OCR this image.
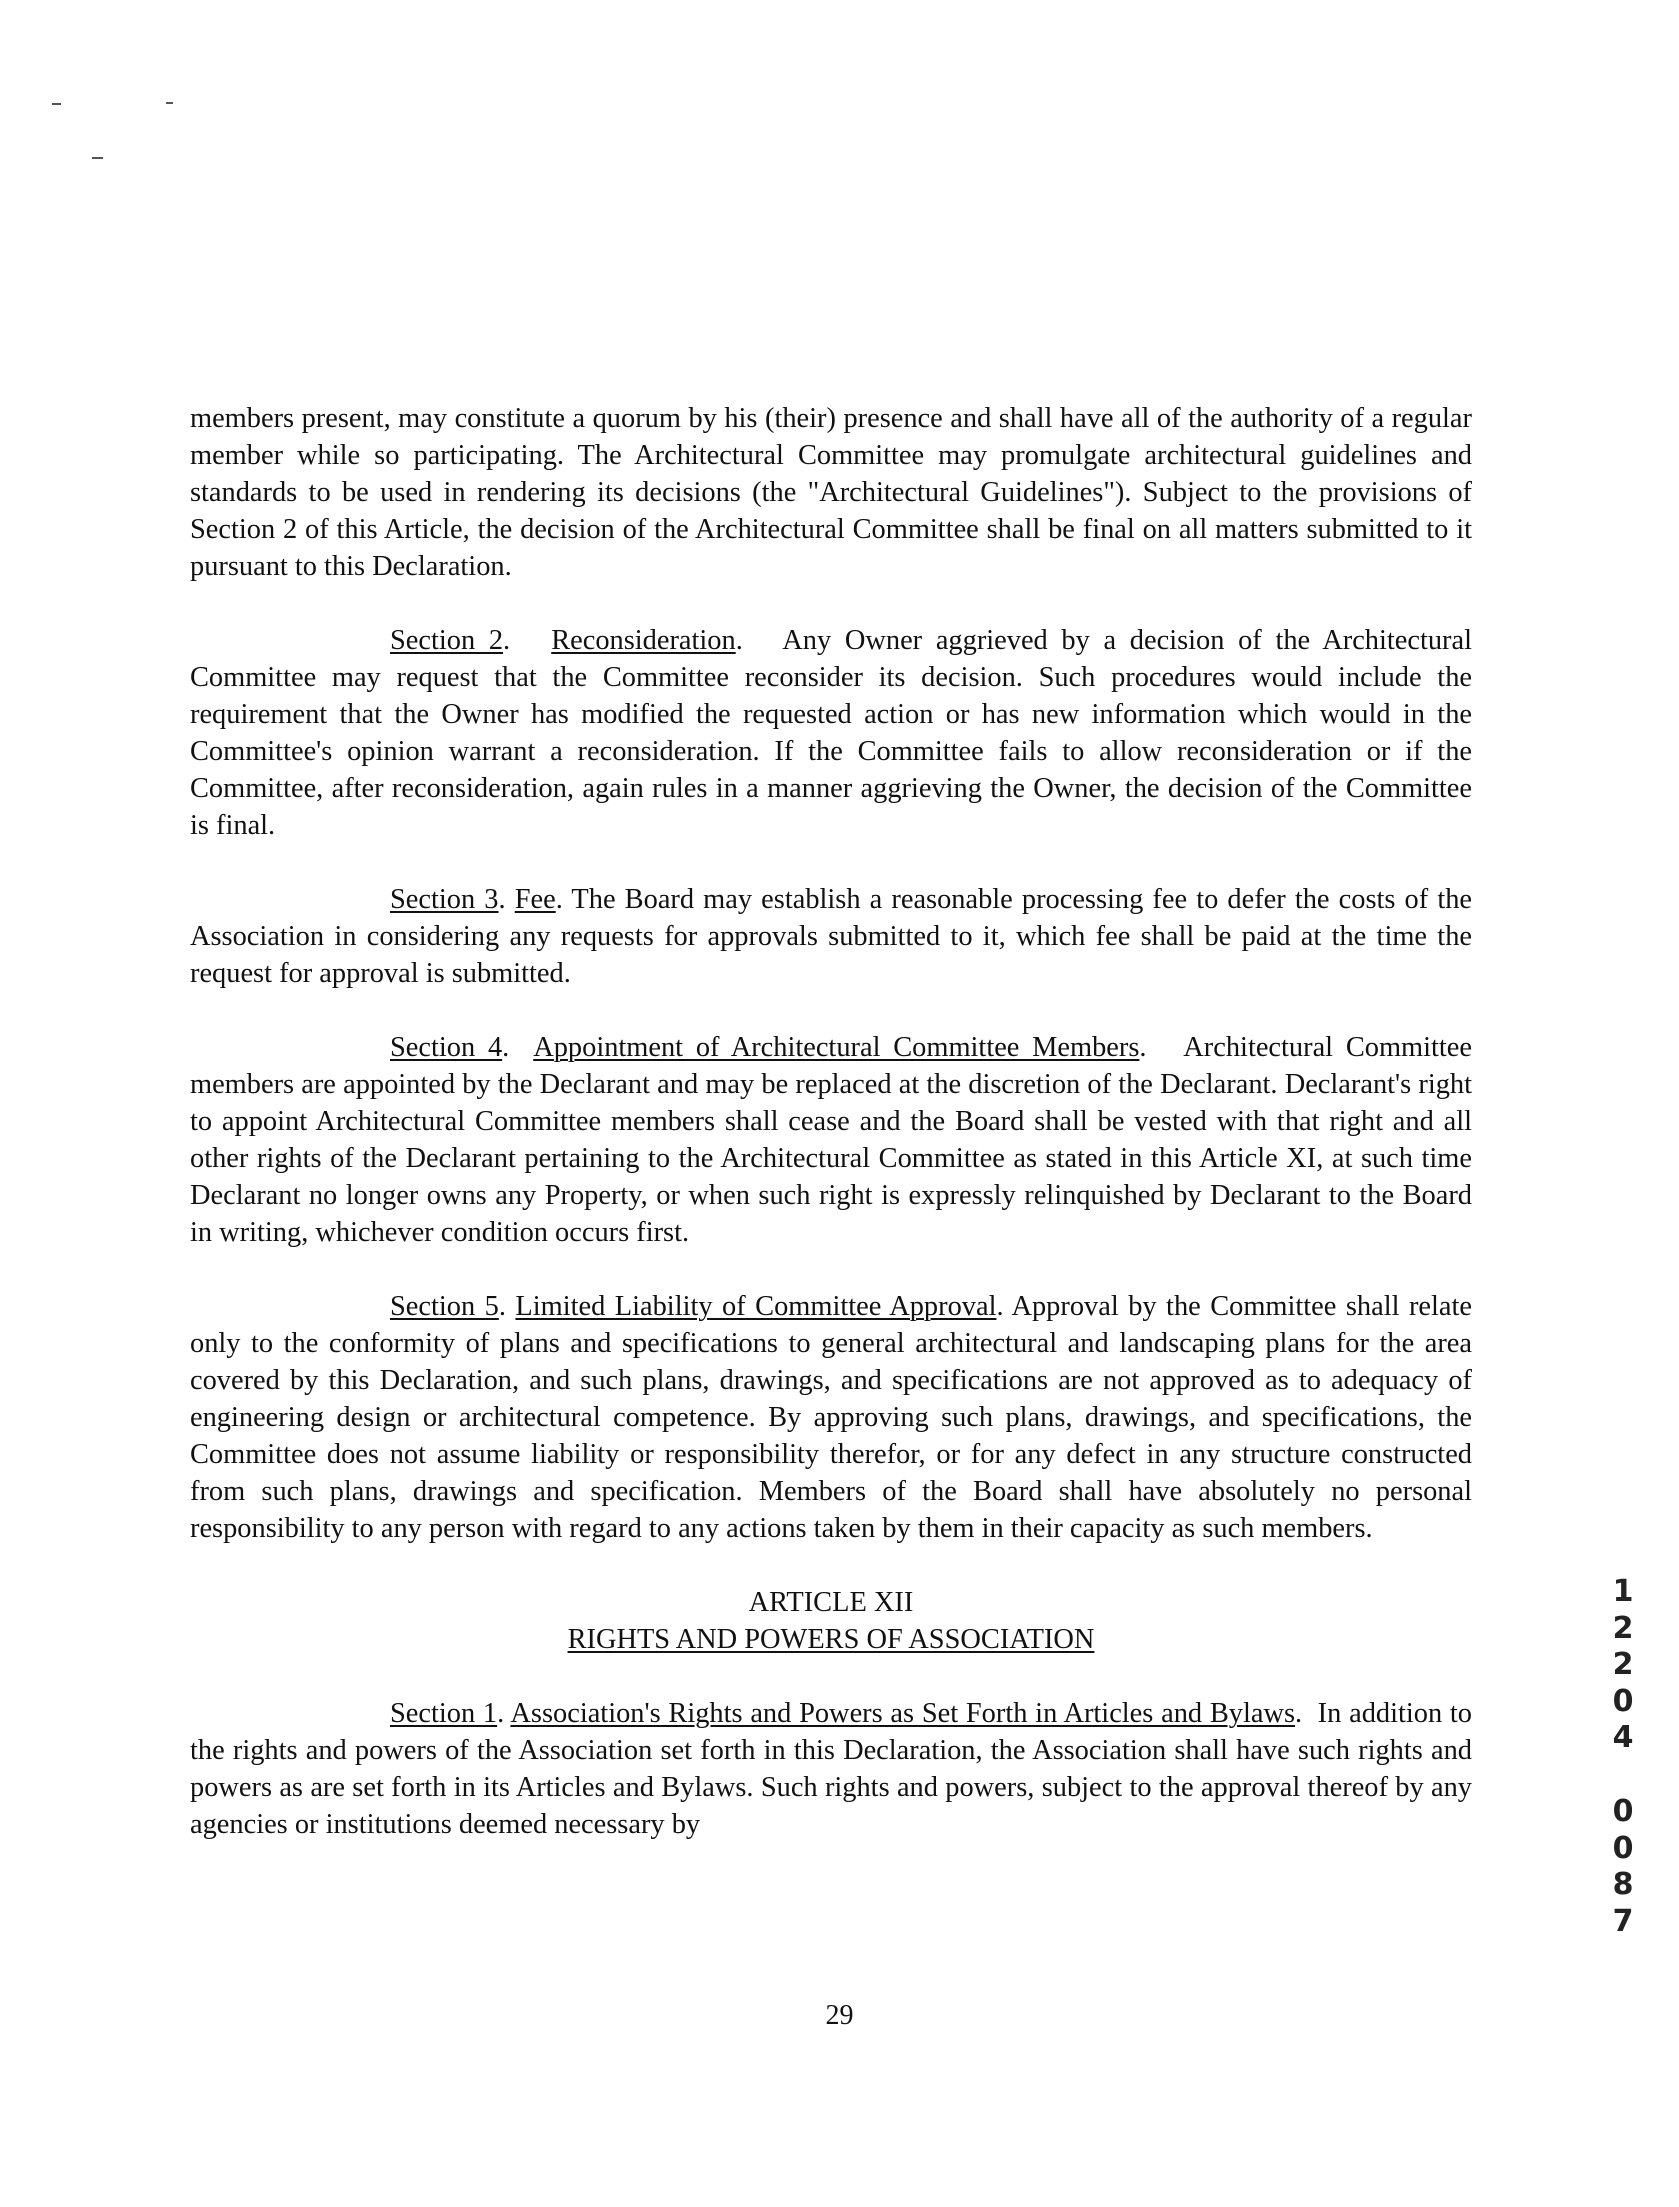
members present, may constitute a quorum by his (their) presence and shall have all of the authority of a regular member while so participating. The Architectural Committee may promulgate architectural guidelines and standards to be used in rendering its decisions (the "Architectural Guidelines"). Subject to the provisions of Section 2 of this Article, the decision of the Architectural Committee shall be final on all matters submitted to it pursuant to this Declaration.

Section 2.   Reconsideration.   Any Owner aggrieved by a decision of the Architectural Committee may request that the Committee reconsider its decision. Such procedures would include the requirement that the Owner has modified the requested action or has new information which would in the Committee's opinion warrant a reconsideration. If the Committee fails to allow reconsideration or if the Committee, after reconsideration, again rules in a manner aggrieving the Owner, the decision of the Committee is final.

Section 3. Fee. The Board may establish a reasonable processing fee to defer the costs of the Association in considering any requests for approvals submitted to it, which fee shall be paid at the time the request for approval is submitted.

Section 4.  Appointment of Architectural Committee Members.   Architectural Committee members are appointed by the Declarant and may be replaced at the discretion of the Declarant. Declarant's right to appoint Architectural Committee members shall cease and the Board shall be vested with that right and all other rights of the Declarant pertaining to the Architectural Committee as stated in this Article XI, at such time Declarant no longer owns any Property, or when such right is expressly relinquished by Declarant to the Board in writing, whichever condition occurs first.

Section 5. Limited Liability of Committee Approval. Approval by the Committee shall relate only to the conformity of plans and specifications to general architectural and landscaping plans for the area covered by this Declaration, and such plans, drawings, and specifications are not approved as to adequacy of engineering design or architectural competence. By approving such plans, drawings, and specifications, the Committee does not assume liability or responsibility therefor, or for any defect in any structure constructed from such plans, drawings and specification. Members of the Board shall have absolutely no personal responsibility to any person with regard to any actions taken by them in their capacity as such members.

ARTICLE XII

RIGHTS AND POWERS OF ASSOCIATION

Section 1. Association's Rights and Powers as Set Forth in Articles and Bylaws.  In addition to the rights and powers of the Association set forth in this Declaration, the Association shall have such rights and powers as are set forth in its Articles and Bylaws. Such rights and powers, subject to the approval thereof by any agencies or institutions deemed necessary by

29
1
2
2
0
4
0
0
8
7
